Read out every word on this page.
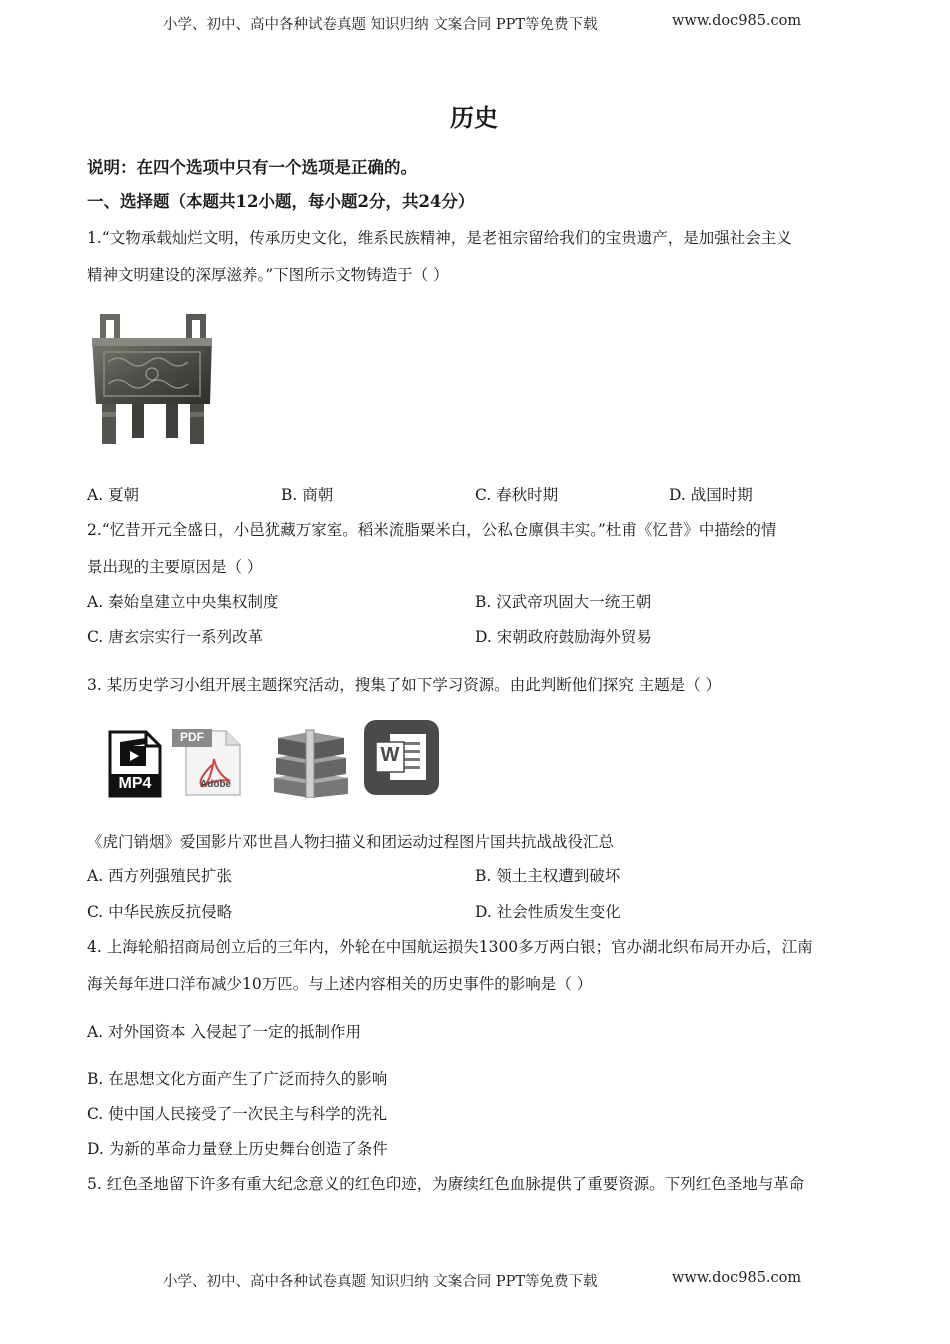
小学、初中、高中各种试卷真题 知识归纳 文案合同 PPT等免费下载	www.doc985.com
历史
说明：在四个选项中只有一个选项是正确的。
一、选择题（本题共12小题，每小题2分，共24分）
1.“文物承载灿烂文明，传承历史文化，维系民族精神，是老祖宗留给我们的宝贵遗产，是加强社会主义
精神文明建设的深厚滋养。”下图所示文物铸造于（ ）
A. 夏朝	B. 商朝	C. 春秋时期	D. 战国时期
2.“忆昔开元全盛日，小邑犹藏万家室。稻米流脂粟米白，公私仓廪俱丰实。”杜甫《忆昔》中描绘的情
景出现的主要原因是（ ）
A. 秦始皇建立中央集权制度	B. 汉武帝巩固大一统王朝
C. 唐玄宗实行一系列改革	D. 宋朝政府鼓励海外贸易
3. 某历史学习小组开展主题探究活动，搜集了如下学习资源。由此判断他们探究 主题是（ ）
MP4
PDF
Adobe
W
《虎门销烟》爱国影片邓世昌人物扫描义和团运动过程图片国共抗战战役汇总
A. 西方列强殖民扩张	B. 领土主权遭到破坏
C. 中华民族反抗侵略	D. 社会性质发生变化
4. 上海轮船招商局创立后的三年内，外轮在中国航运损失1300多万两白银；官办湖北织布局开办后，江南
海关每年进口洋布减少10万匹。与上述内容相关的历史事件的影响是（ ）
A. 对外国资本 入侵起了一定的抵制作用
B. 在思想文化方面产生了广泛而持久的影响
C. 使中国人民接受了一次民主与科学的洗礼
D. 为新的革命力量登上历史舞台创造了条件
5. 红色圣地留下许多有重大纪念意义的红色印迹，为赓续红色血脉提供了重要资源。下列红色圣地与革命
小学、初中、高中各种试卷真题 知识归纳 文案合同 PPT等免费下载	www.doc985.com
